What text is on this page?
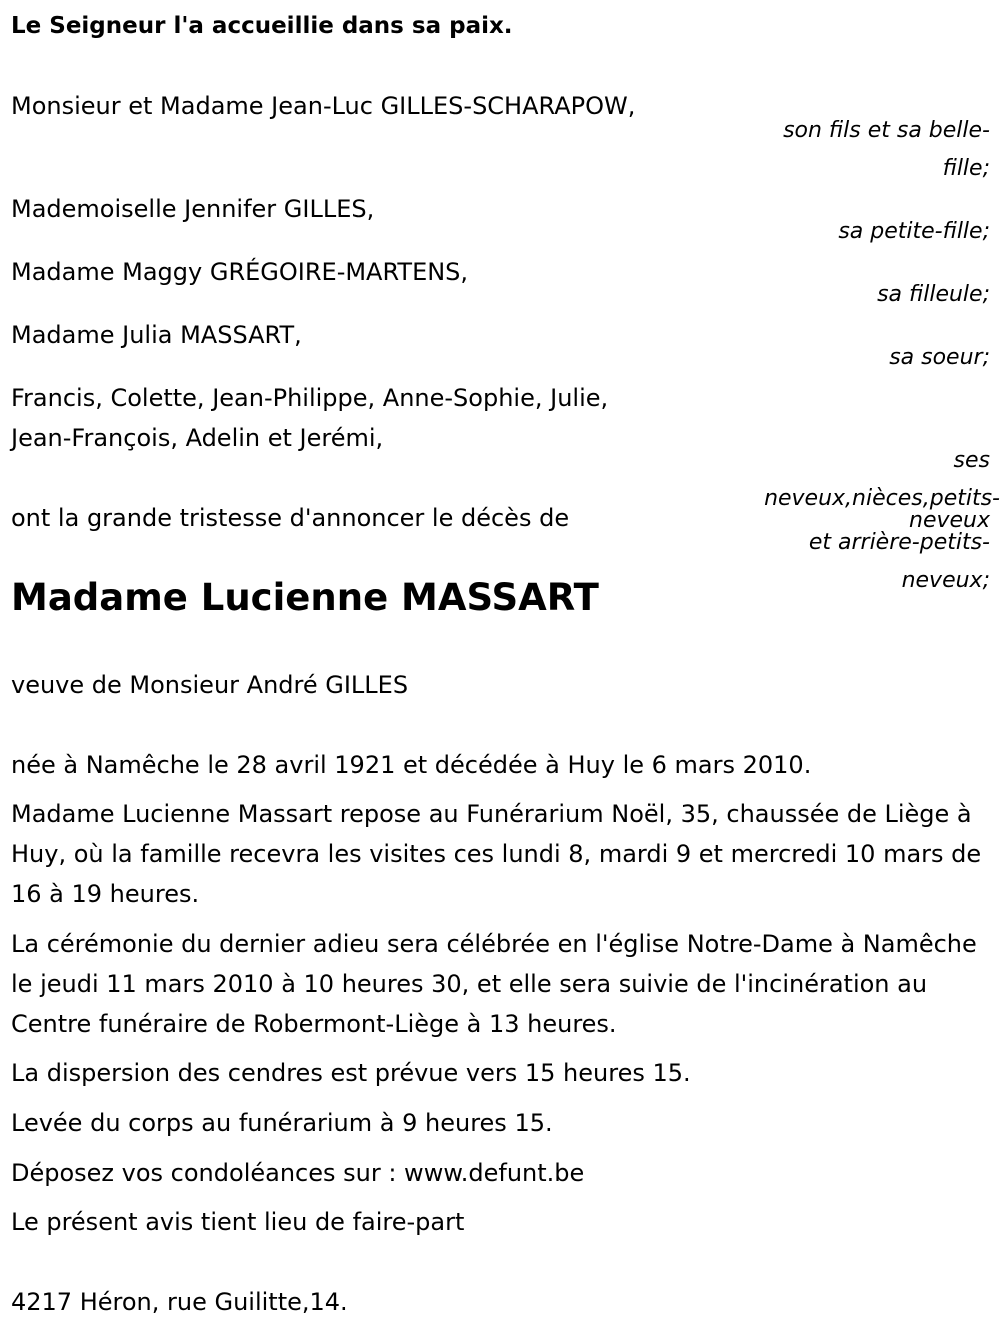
Le Seigneur l'a accueillie dans sa paix.
Monsieur et Madame Jean-Luc GILLES-SCHARAPOW,
son fils et sa belle-
fille;
Mademoiselle Jennifer GILLES,
sa petite-fille;
Madame Maggy GRÉGOIRE-MARTENS,
sa filleule;
Madame Julia MASSART,
sa soeur;
Francis, Colette, Jean-Philippe, Anne-Sophie, Julie,
Jean-François, Adelin et Jerémi,
ses
neveux,nièces,petits-
neveux
et arrière-petits-
neveux;
ont la grande tristesse d'annoncer le décès de
Madame Lucienne MASSART
veuve de Monsieur André GILLES
née à Namêche le 28 avril 1921 et décédée à Huy le 6 mars 2010.
Madame Lucienne Massart repose au Funérarium Noël, 35, chaussée de Liège à Huy, où la famille recevra les visites ces lundi 8, mardi 9 et mercredi 10 mars de 16 à 19 heures.
La cérémonie du dernier adieu sera célébrée en l'église Notre-Dame à Namêche le jeudi 11 mars 2010 à 10 heures 30, et elle sera suivie de l'incinération au Centre funéraire de Robermont-Liège à 13 heures.
La dispersion des cendres est prévue vers 15 heures 15.
Levée du corps au funérarium à 9 heures 15.
Déposez vos condoléances sur : www.defunt.be
Le présent avis tient lieu de faire-part
4217 Héron, rue Guilitte,14.
